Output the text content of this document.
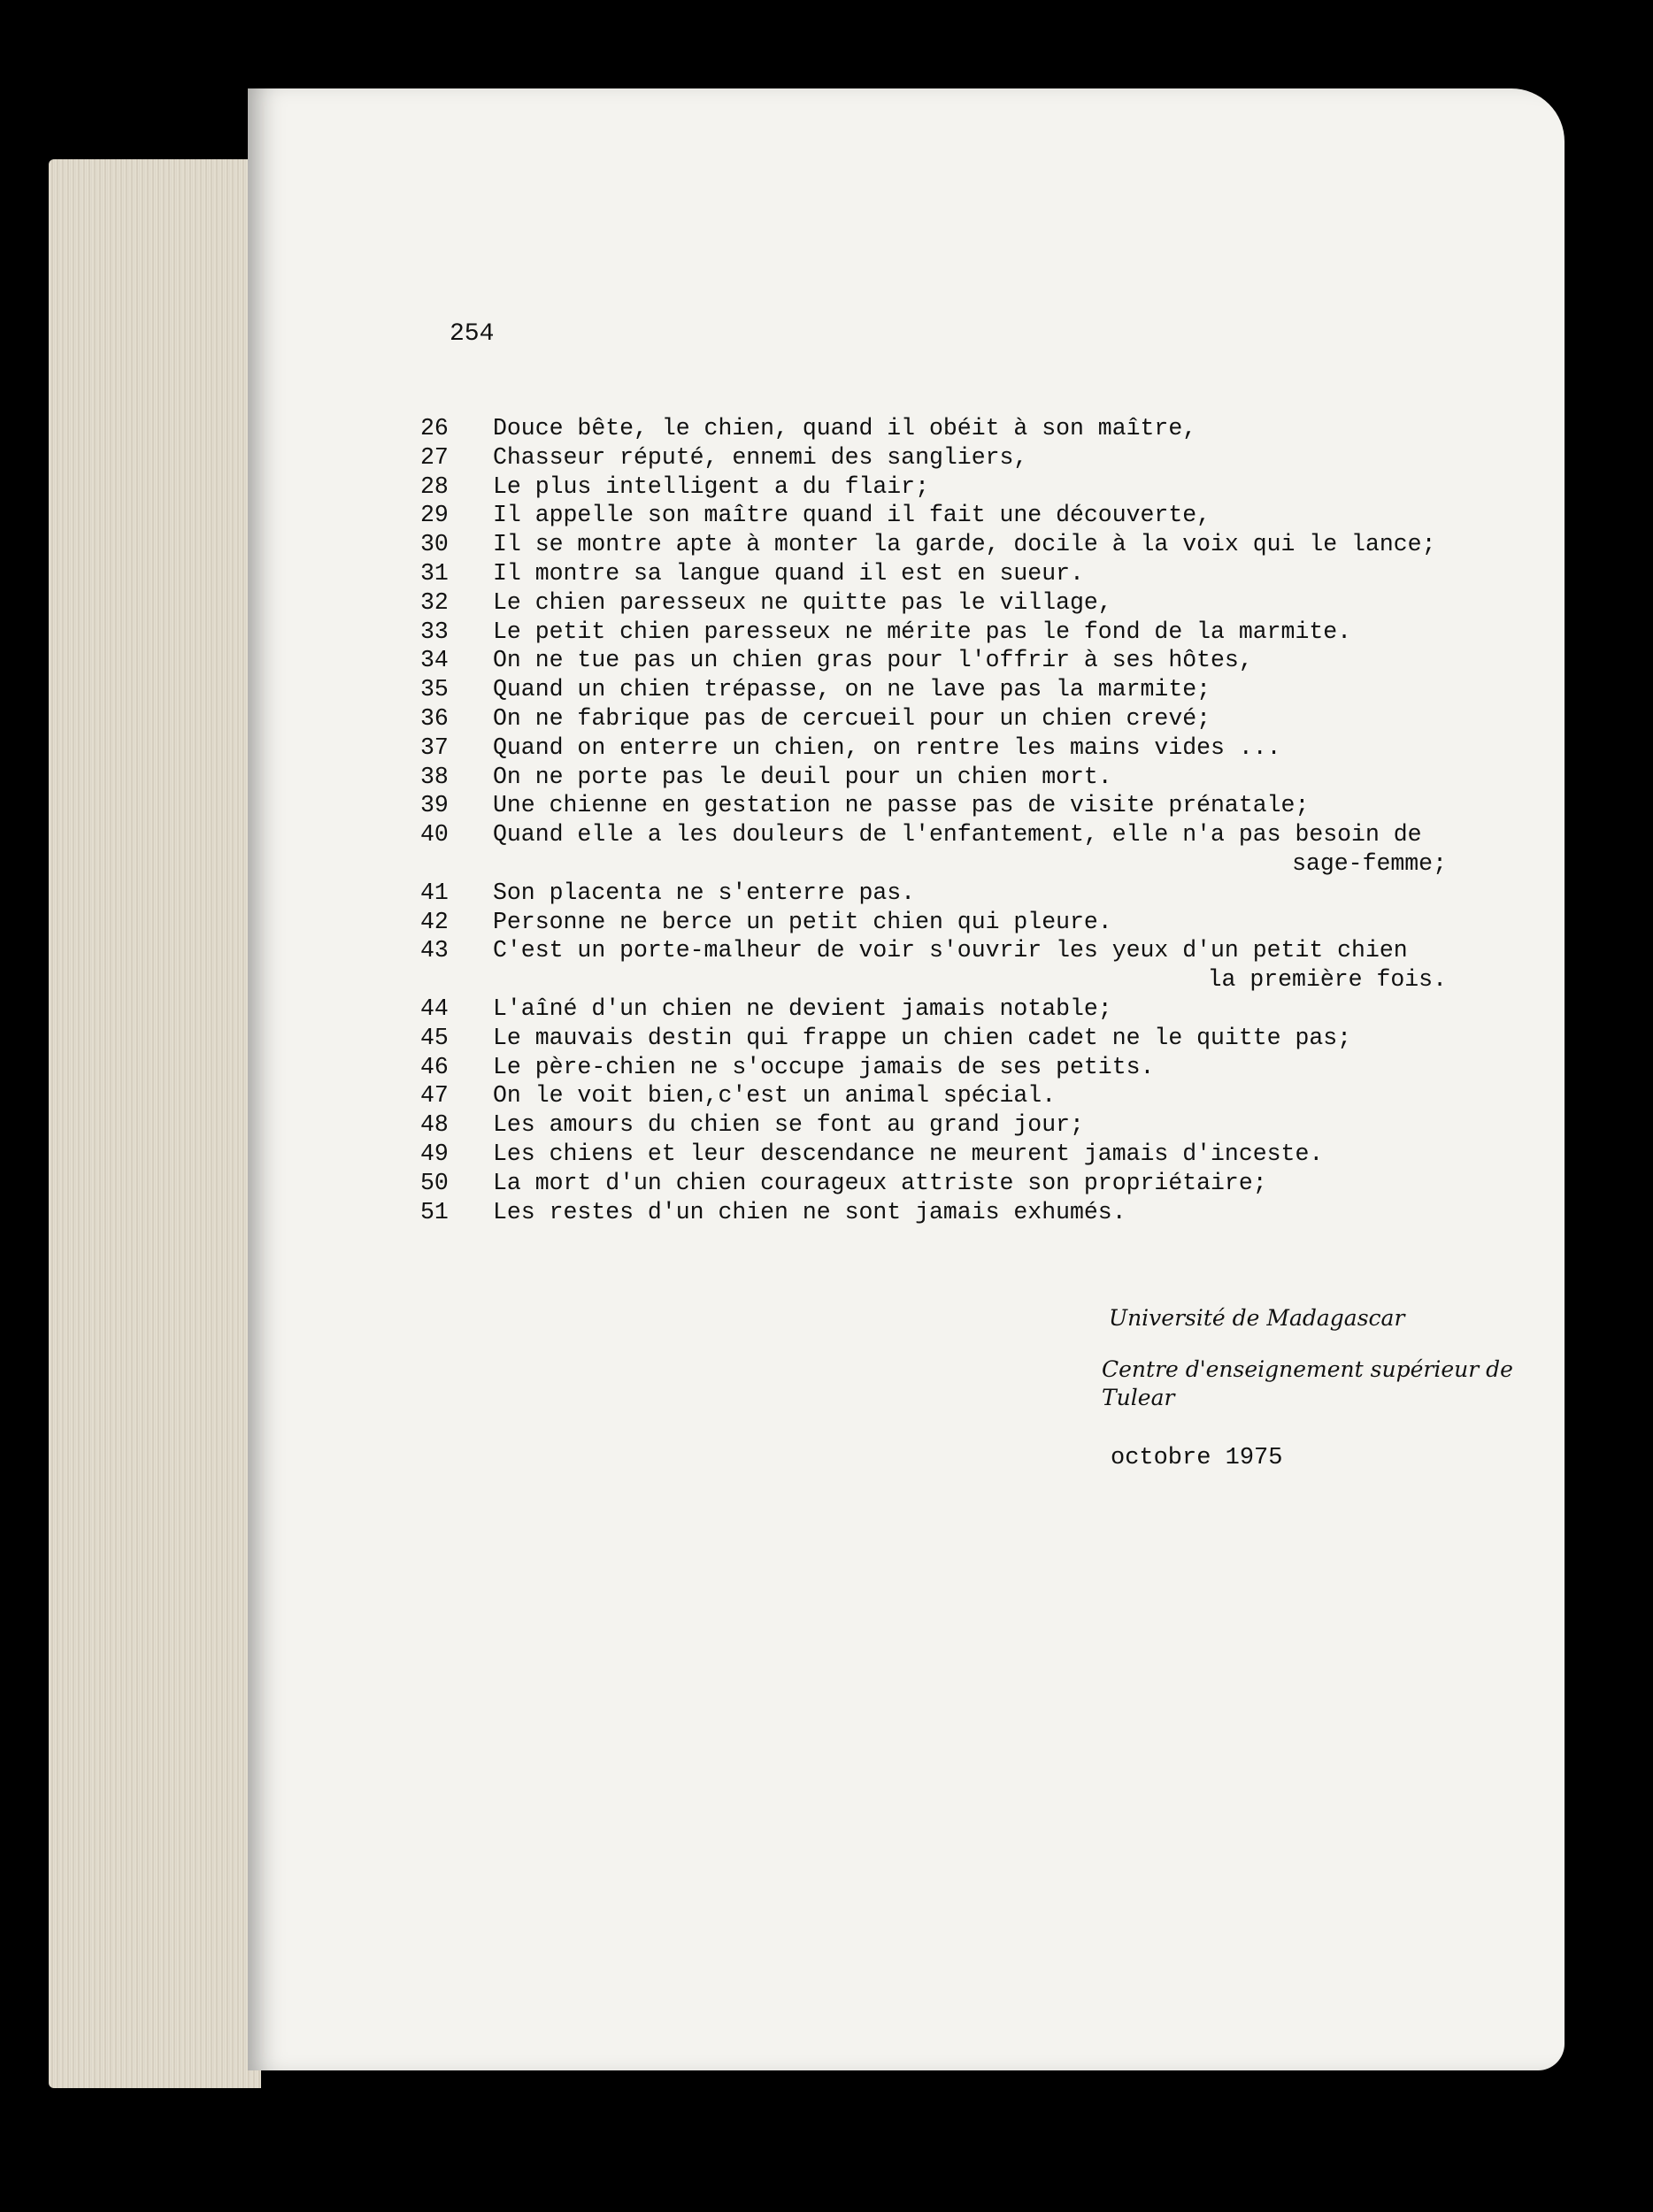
254
26	Douce bête, le chien, quand il obéit à son maître,
27	Chasseur réputé, ennemi des sangliers,
28	Le plus intelligent a du flair;
29	Il appelle son maître quand il fait une découverte,
30	Il se montre apte à monter la garde, docile à la voix qui le lance;
31	Il montre sa langue quand il est en sueur.
32	Le chien paresseux ne quitte pas le village,
33	Le petit chien paresseux ne mérite pas le fond de la marmite.
34	On ne tue pas un chien gras pour l'offrir à ses hôtes,
35	Quand un chien trépasse, on ne lave pas la marmite;
36	On ne fabrique pas de cercueil pour un chien crevé;
37	Quand on enterre un chien, on rentre les mains vides ...
38	On ne porte pas le deuil pour un chien mort.
39	Une chienne en gestation ne passe pas de visite prénatale;
40	Quand elle a les douleurs de l'enfantement, elle n'a pas besoin de
sage-femme;
41	Son placenta ne s'enterre pas.
42	Personne ne berce un petit chien qui pleure.
43	C'est un porte-malheur de voir s'ouvrir les yeux d'un petit chien
la première fois.
44	L'aîné d'un chien ne devient jamais notable;
45	Le mauvais destin qui frappe un chien cadet ne le quitte pas;
46	Le père-chien ne s'occupe jamais de ses petits.
47	On le voit bien,c'est un animal spécial.
48	Les amours du chien se font au grand jour;
49	Les chiens et leur descendance ne meurent jamais d'inceste.
50	La mort d'un chien courageux attriste son propriétaire;
51	Les restes d'un chien ne sont jamais exhumés.
Université de Madagascar
Centre d'enseignement supérieur de
Tulear
octobre 1975
